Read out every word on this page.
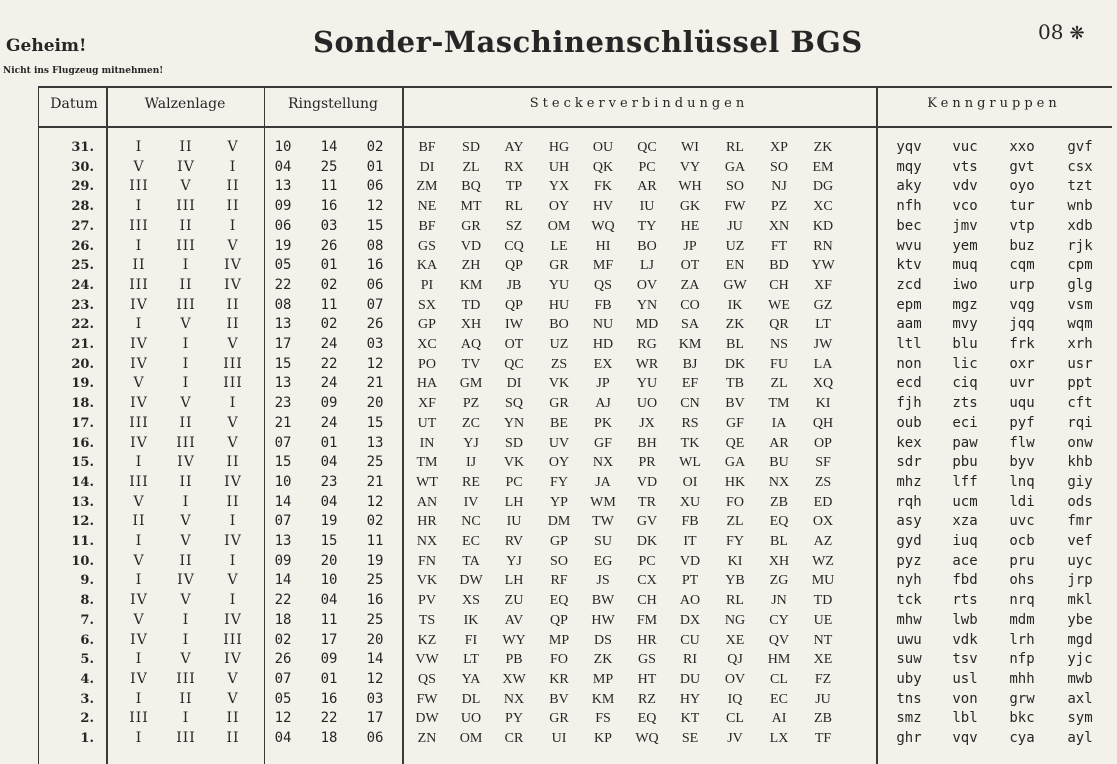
Geheim!
Nicht ins Flugzeug mitnehmen!
Sonder-Maschinenschlüssel BGS	08 ❋
Datum	Walzenlage	Ringstellung	Steckerverbindungen	Kenngruppen
31.	I	II	V	10	14	02	BF	SD	AY	HG	OU	QC	WI	RL	XP	ZK	yqv	vuc	xxo	gvf
30.	V	IV	I	04	25	01	DI	ZL	RX	UH	QK	PC	VY	GA	SO	EM	mqy	vts	gvt	csx
29.	III	V	II	13	11	06	ZM	BQ	TP	YX	FK	AR	WH	SO	NJ	DG	aky	vdv	oyo	tzt
28.	I	III	II	09	16	12	NE	MT	RL	OY	HV	IU	GK	FW	PZ	XC	nfh	vco	tur	wnb
27.	III	II	I	06	03	15	BF	GR	SZ	OM	WQ	TY	HE	JU	XN	KD	bec	jmv	vtp	xdb
26.	I	III	V	19	26	08	GS	VD	CQ	LE	HI	BO	JP	UZ	FT	RN	wvu	yem	buz	rjk
25.	II	I	IV	05	01	16	KA	ZH	QP	GR	MF	LJ	OT	EN	BD	YW	ktv	muq	cqm	cpm
24.	III	II	IV	22	02	06	PI	KM	JB	YU	QS	OV	ZA	GW	CH	XF	zcd	iwo	urp	glg
23.	IV	III	II	08	11	07	SX	TD	QP	HU	FB	YN	CO	IK	WE	GZ	epm	mgz	vqg	vsm
22.	I	V	II	13	02	26	GP	XH	IW	BO	NU	MD	SA	ZK	QR	LT	aam	mvy	jqq	wqm
21.	IV	I	V	17	24	03	XC	AQ	OT	UZ	HD	RG	KM	BL	NS	JW	ltl	blu	frk	xrh
20.	IV	I	III	15	22	12	PO	TV	QC	ZS	EX	WR	BJ	DK	FU	LA	non	lic	oxr	usr
19.	V	I	III	13	24	21	HA	GM	DI	VK	JP	YU	EF	TB	ZL	XQ	ecd	ciq	uvr	ppt
18.	IV	V	I	23	09	20	XF	PZ	SQ	GR	AJ	UO	CN	BV	TM	KI	fjh	zts	uqu	cft
17.	III	II	V	21	24	15	UT	ZC	YN	BE	PK	JX	RS	GF	IA	QH	oub	eci	pyf	rqi
16.	IV	III	V	07	01	13	IN	YJ	SD	UV	GF	BH	TK	QE	AR	OP	kex	paw	flw	onw
15.	I	IV	II	15	04	25	TM	IJ	VK	OY	NX	PR	WL	GA	BU	SF	sdr	pbu	byv	khb
14.	III	II	IV	10	23	21	WT	RE	PC	FY	JA	VD	OI	HK	NX	ZS	mhz	lff	lnq	giy
13.	V	I	II	14	04	12	AN	IV	LH	YP	WM	TR	XU	FO	ZB	ED	rqh	ucm	ldi	ods
12.	II	V	I	07	19	02	HR	NC	IU	DM	TW	GV	FB	ZL	EQ	OX	asy	xza	uvc	fmr
11.	I	V	IV	13	15	11	NX	EC	RV	GP	SU	DK	IT	FY	BL	AZ	gyd	iuq	ocb	vef
10.	V	II	I	09	20	19	FN	TA	YJ	SO	EG	PC	VD	KI	XH	WZ	pyz	ace	pru	uyc
9.	I	IV	V	14	10	25	VK	DW	LH	RF	JS	CX	PT	YB	ZG	MU	nyh	fbd	ohs	jrp
8.	IV	V	I	22	04	16	PV	XS	ZU	EQ	BW	CH	AO	RL	JN	TD	tck	rts	nrq	mkl
7.	V	I	IV	18	11	25	TS	IK	AV	QP	HW	FM	DX	NG	CY	UE	mhw	lwb	mdm	ybe
6.	IV	I	III	02	17	20	KZ	FI	WY	MP	DS	HR	CU	XE	QV	NT	uwu	vdk	lrh	mgd
5.	I	V	IV	26	09	14	VW	LT	PB	FO	ZK	GS	RI	QJ	HM	XE	suw	tsv	nfp	yjc
4.	IV	III	V	07	01	12	QS	YA	XW	KR	MP	HT	DU	OV	CL	FZ	uby	usl	mhh	mwb
3.	I	II	V	05	16	03	FW	DL	NX	BV	KM	RZ	HY	IQ	EC	JU	tns	von	grw	axl
2.	III	I	II	12	22	17	DW	UO	PY	GR	FS	EQ	KT	CL	AI	ZB	smz	lbl	bkc	sym
1.	I	III	II	04	18	06	ZN	OM	CR	UI	KP	WQ	SE	JV	LX	TF	ghr	vqv	cya	ayl
